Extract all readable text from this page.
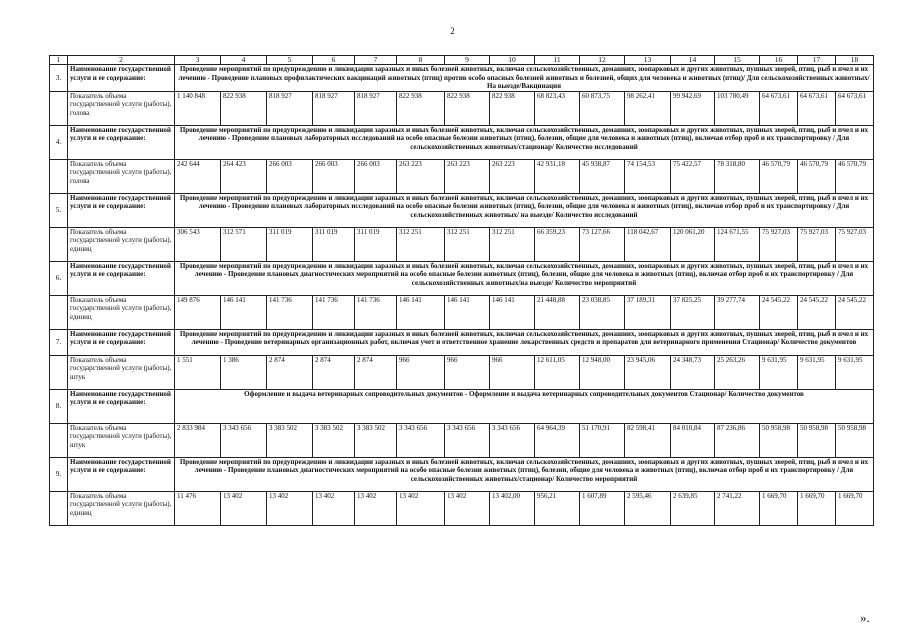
2
1	2	3	4	5	6	7	8	9	10	11	12	13	14	15	16	17	18
3.	Наименование государственной услуги и ее содержание:	Проведение мероприятий по предупреждению и ликвидации заразных и иных болезней животных, включая сельскохозяйственных, домашних, зоопарковых и других животных, пушных зверей, птиц, рыб и пчел и их лечению - Проведение плановых профилактических вакцинаций животных (птиц) против особо опасных болезней животных и болезней, общих для человека и животных (птиц)/ Для сельскохозяйственных животных/ На выезде/Вакцинация															
	Показатель объема государственной услуги (работы), голова	1 140 848	822 938	818 927	818 927	818 927	822 938	822 938	822 938	68 823,43	60 873,75	98 262,41	99 942,69	103 780,49	64 673,61	64 673,61	64 673,61
4.	Наименование государственной услуги и ее содержание:	Проведение мероприятий по предупреждению и ликвидации заразных и иных болезней животных, включая сельскохозяйственных, домашних, зоопарковых и других животных, пушных зверей, птиц, рыб и пчел и их лечению - Проведение плановых лабораторных исследований на особо опасные болезни животных (птиц), болезни, общие для человека и животных (птиц), включая отбор проб и их транспортировку / Для сельскохозяйственных животных/стационар/ Количество исследований															
	Показатель объема государственной услуги (работы), голова	242 644	264 423	266 003	266 003	266 003	263 223	263 223	263 223	42 931,18	45 938,87	74 154,53	75 422,57	78 318,80	46 570,79	46 570,79	46 570,79
5.	Наименование государственной услуги и ее содержание:	Проведение мероприятий по предупреждению и ликвидации заразных и иных болезней животных, включая сельскохозяйственных, домашних, зоопарковых и других животных, пушных зверей, птиц, рыб и пчел и их лечению - Проведение плановых лабораторных исследований на особо опасные болезни животных (птиц), болезни, общие для человека и животных (птиц), включая отбор проб и их транспортировку / Для сельскохозяйственных животных/ на выезде/ Количество исследований															
	Показатель объема государственной услуги (работы), единиц	306 543	312 571	311 019	311 019	311 019	312 251	312 251	312 251	66 359,23	73 127,66	118 042,67	120 061,20	124 671,55	75 927,03	75 927,03	75 927,03
6.	Наименование государственной услуги и ее содержание:	Проведение мероприятий по предупреждению и ликвидации заразных и иных болезней животных, включая сельскохозяйственных, домашних, зоопарковых и других животных, пушных зверей, птиц, рыб и пчел и их лечению - Проведение плановых диагностических мероприятий на особо опасные болезни животных (птиц), болезни, общие для человека и животных (птиц), включая отбор проб и их транспортировку / Для сельскохозяйственных животных/на выезде/ Количество мероприятий															
	Показатель объема государственной услуги (работы), единиц	149 876	146 141	141 736	141 736	141 736	146 141	146 141	146 141	21 448,88	23 038,85	37 189,31	37 825,25	39 277,74	24 545,22	24 545,22	24 545,22
7.	Наименование государственной услуги и ее содержание:	Проведение мероприятий по предупреждению и ликвидации заразных и иных болезней животных, включая сельскохозяйственных, домашних, зоопарковых и других животных, пушных зверей, птиц, рыб и пчел и их лечению - Проведение ветеринарных организационных работ, включая учет и ответственное хранение лекарственных средств и препаратов для ветеринарного применения Стационар/ Количество документов															
	Показатель объема государственной услуги (работы), штук	1 551	1 386	2 874	2 874	2 874	966	966	966	12 611,05	12 948,00	23 945,06	24 348,73	25 263,26	9 631,95	9 631,95	9 631,95
8.	Наименование государственной услуги и ее содержание:	Оформление и выдача ветеринарных сопроводительных документов - Оформление и выдача ветеринарных сопроводительных документов Стационар/ Количество документов															
	Показатель объема государственной услуги (работы), штук	2 833 984	3 343 656	3 383 502	3 383 502	3 383 502	3 343 656	3 343 656	3 343 656	64 964,39	51 170,91	82 598,41	84 010,84	87 236,86	50 958,98	50 958,98	50 958,98
9.	Наименование государственной услуги и ее содержание:	Проведение мероприятий по предупреждению и ликвидации заразных и иных болезней животных, включая сельскохозяйственных, домашних, зоопарковых и других животных, пушных зверей, птиц, рыб и пчел и их лечению - Проведение плановых диагностических мероприятий на особо опасные болезни животных (птиц), болезни, общие для человека и животных (птиц), включая отбор проб и их транспортировку / Для сельскохозяйственных животных/стационар/ Количество мероприятий															
	Показатель объема государственной услуги (работы), единиц	11 476	13 402	13 402	13 402	13 402	13 402	13 402	13 402,00	956,21	1 607,89	2 595,46	2 639,85	2 741,22	1 669,70	1 669,70	1 669,70
».
